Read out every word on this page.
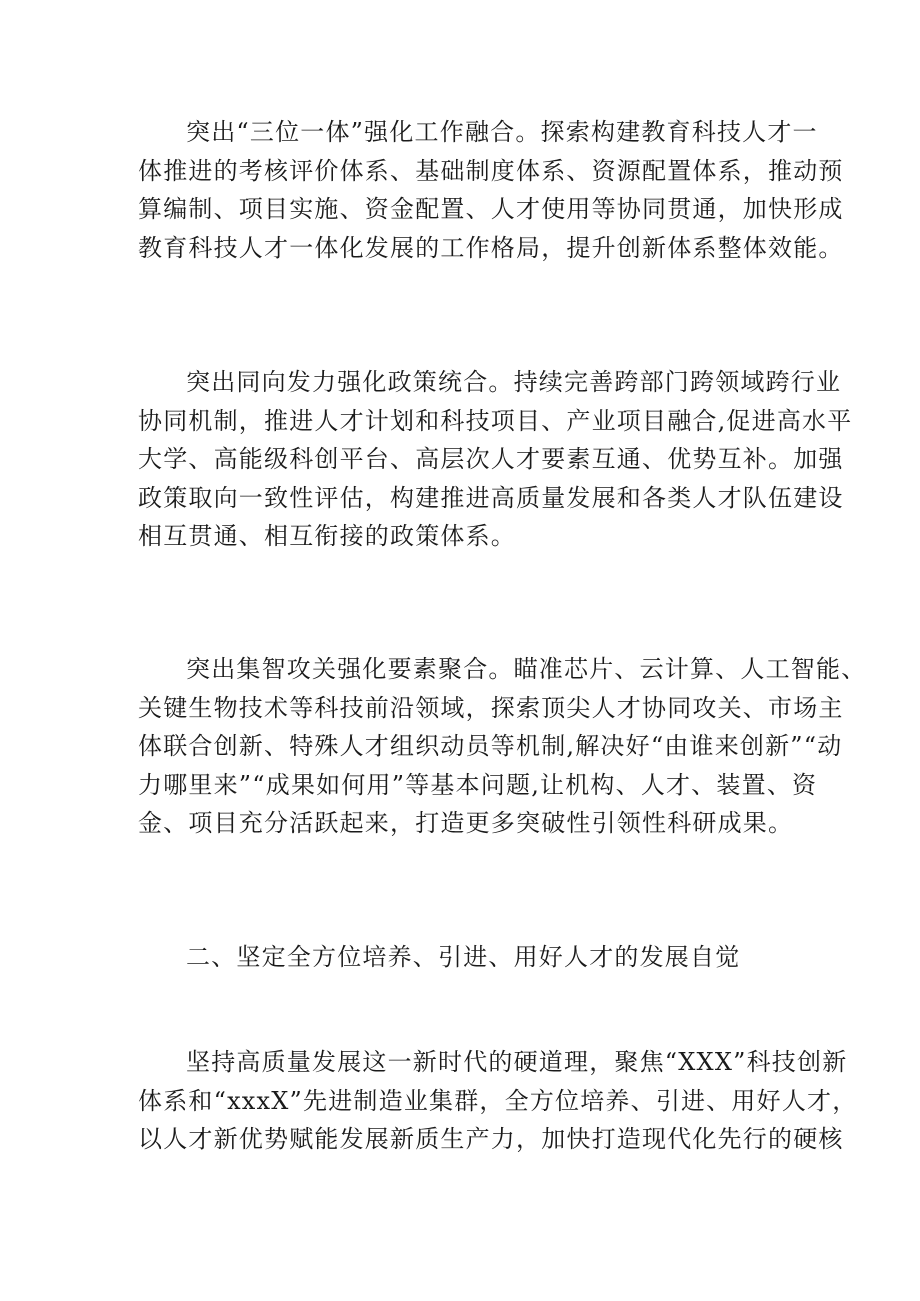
突出“三位一体”强化工作融合。探索构建教育科技人才一
体推进的考核评价体系、基础制度体系、资源配置体系，推动预
算编制、项目实施、资金配置、人才使用等协同贯通，加快形成
教育科技人才一体化发展的工作格局，提升创新体系整体效能。
突出同向发力强化政策统合。持续完善跨部门跨领域跨行业
协同机制，推进人才计划和科技项目、产业项目融合,促进高水平
大学、高能级科创平台、高层次人才要素互通、优势互补。加强
政策取向一致性评估，构建推进高质量发展和各类人才队伍建设
相互贯通、相互衔接的政策体系。
突出集智攻关强化要素聚合。瞄准芯片、云计算、人工智能、
关键生物技术等科技前沿领域，探索顶尖人才协同攻关、市场主
体联合创新、特殊人才组织动员等机制,解决好“由谁来创新”“动
力哪里来”“成果如何用”等基本问题,让机构、人才、装置、资
金、项目充分活跃起来，打造更多突破性引领性科研成果。
二、坚定全方位培养、引进、用好人才的发展自觉
坚持高质量发展这一新时代的硬道理，聚焦“XXX”科技创新
体系和“xxxX”先进制造业集群，全方位培养、引进、用好人才，
以人才新优势赋能发展新质生产力，加快打造现代化先行的硬核
